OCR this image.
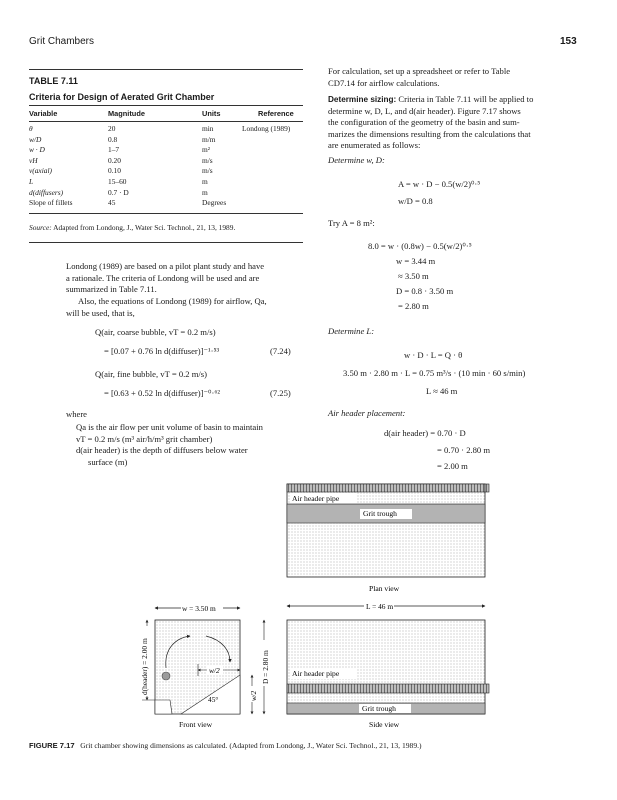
Grit Chambers	153
TABLE 7.11
Criteria for Design of Aerated Grit Chamber
Variable	Magnitude	Units	Reference
θ	20	min	Londong (1989)
w/D	0.8	m/m
w · D	1–7	m²
vH	0.20	m/s
v(axial)	0.10	m/s
L	15–60	m
d(diffusers)	0.7 · D	m
Slope of fillets	45	Degrees
Source: Adapted from Londong, J., Water Sci. Technol., 21, 13, 1989.
Londong (1989) are based on a pilot plant study and have
a rationale. The criteria of Londong will be used and are
summarized in Table 7.11.
Also, the equations of Londong (1989) for airflow, Qa,
will be used, that is,
Q(air, coarse bubble, vT = 0.2 m/s)
= [0.07 + 0.76 ln d(diffuser)]⁻¹·⁵³	(7.24)
Q(air, fine bubble, vT = 0.2 m/s)
= [0.63 + 0.52 ln d(diffuser)]⁻⁰·⁶²	(7.25)
where
Qa is the air flow per unit volume of basin to maintain
vT = 0.2 m/s (m³ air/h/m³ grit chamber)
d(air header) is the depth of diffusers below water
surface (m)
For calculation, set up a spreadsheet or refer to Table
CD7.14 for airflow calculations.
Determine sizing: Criteria in Table 7.11 will be applied to
determine w, D, L, and d(air header). Figure 7.17 shows
the configuration of the geometry of the basin and sum-
marizes the dimensions resulting from the calculations that
are enumerated as follows:
Determine w, D:
A = w · D − 0.5(w/2)⁰·⁵
w/D = 0.8
Try A = 8 m²:
8.0 = w · (0.8w) − 0.5(w/2)⁰·⁵
w = 3.44 m
≈ 3.50 m
D = 0.8 · 3.50 m
= 2.80 m
Determine L:
w · D · L = Q · θ
3.50 m · 2.80 m · L = 0.75 m³/s · (10 min · 60 s/min)
L ≈ 46 m
Air header placement:
d(air header) = 0.70 · D
= 0.70 · 2.80 m
= 2.00 m
Air header pipe
Grit trough
Plan view
w = 3.50 m
w/2
45°
d(header) = 2.00 m	D = 2.80 m
w/2
Front view
L = 46 m
Air header pipe
Grit trough
Side view
FIGURE 7.17 Grit chamber showing dimensions as calculated. (Adapted from Londong, J., Water Sci. Technol., 21, 13, 1989.)
